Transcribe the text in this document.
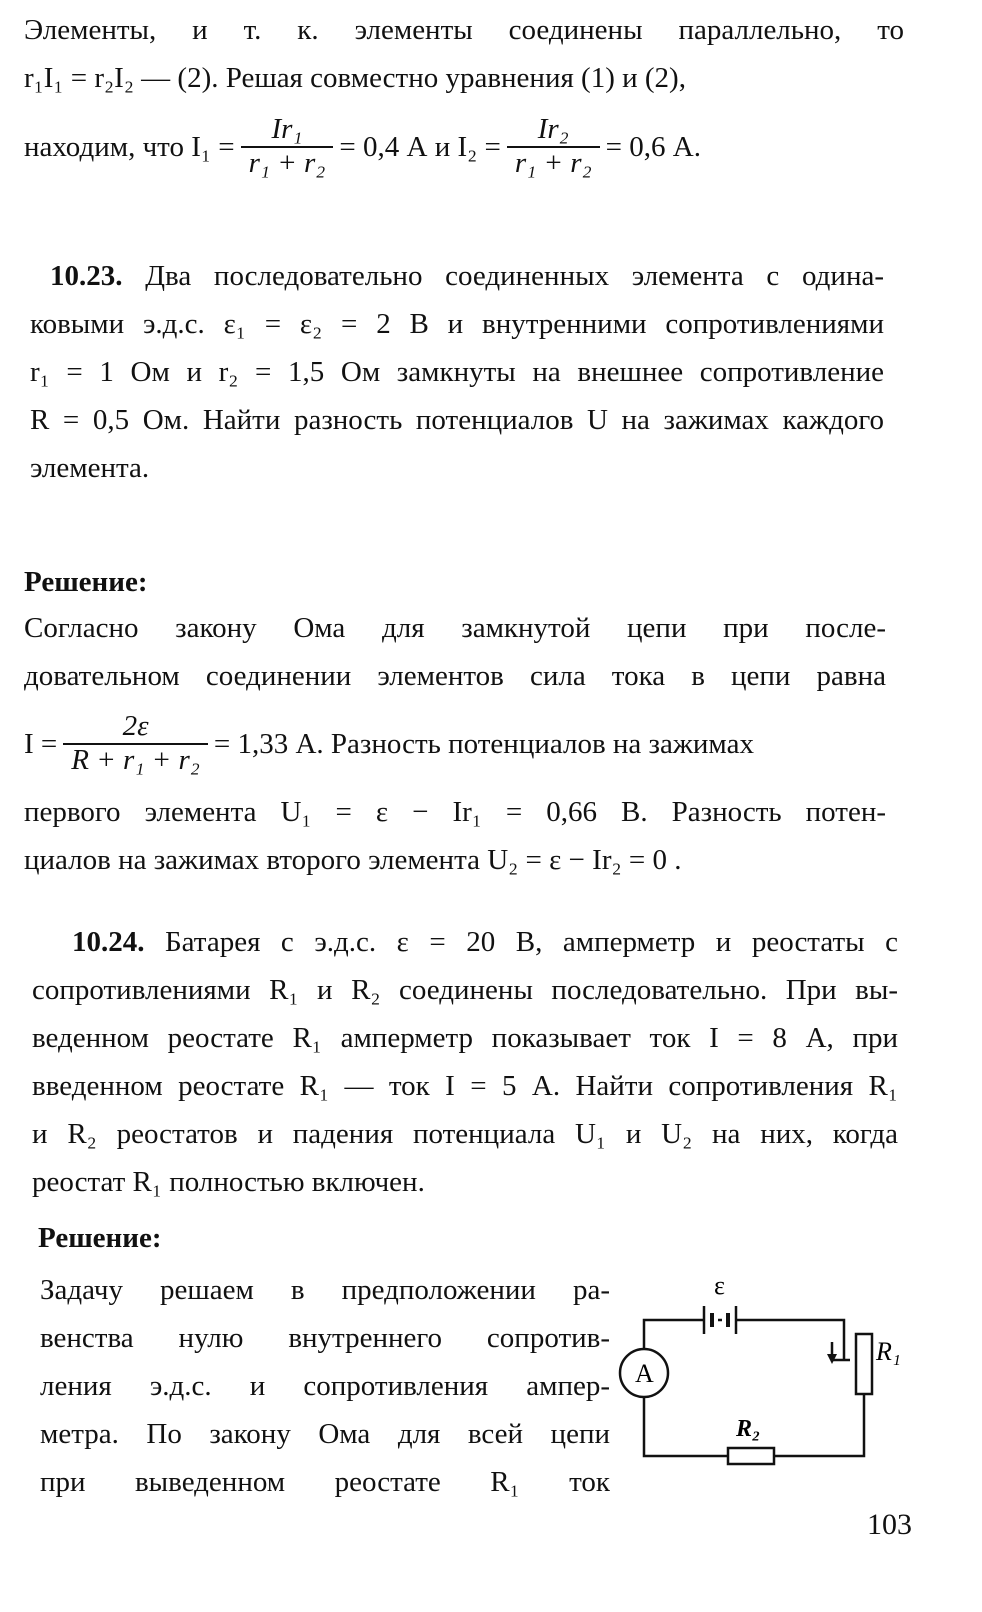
Элементы, и т. к. элементы соединены параллельно, то
r₁I₁ = r₂I₂ — (2). Решая совместно уравнения (1) и (2),
находим, что $I_1 = \frac{\text{Ir₁}}{\text{r₁ + r₂}} = 0,4$ А и $I_2 = \frac{\text{Ir₂}}{\text{r₁ + r₂}} = 0,6$ А.
10.23. Два последовательно соединенных элемента с одина-
ковыми э.д.с. ε₁ = ε₂ = 2 В и внутренними сопротивлениями
r₁ = 1 Ом и r₂ = 1,5 Ом замкнуты на внешнее сопротивление
R = 0,5 Ом. Найти разность потенциалов U на зажимах каждого
элемента.
Решение:
Согласно закону Ома для замкнутой цепи при после-
довательном соединении элементов сила тока в цепи равна
$I = \frac{2\varepsilon}{\text{R + r₁ + r₂}} = 1,33$ А. Разность потенциалов на зажимах
первого элемента U₁ = ε − Ir₁ = 0,66 В. Разность потен-
циалов на зажимах второго элемента U₂ = ε − Ir₂ = 0 .
10.24. Батарея с э.д.с. ε = 20 В, амперметр и реостаты с
сопротивлениями R₁ и R₂ соединены последовательно. При вы-
веденном реостате R₁ амперметр показывает ток I = 8 А, при
введенном реостате R₁ — ток I = 5 А. Найти сопротивления R₁
и R₂ реостатов и падения потенциала U₁ и U₂ на них, когда
реостат R₁ полностью включен.
Решение:
Задачу решаем в предположении ра-
венства нулю внутреннего сопротив-
ления э.д.с. и сопротивления ампер-
метра. По закону Ома для всей цепи
при выведенном реостате R₁ ток
ε
A
R₁
R₂
103
